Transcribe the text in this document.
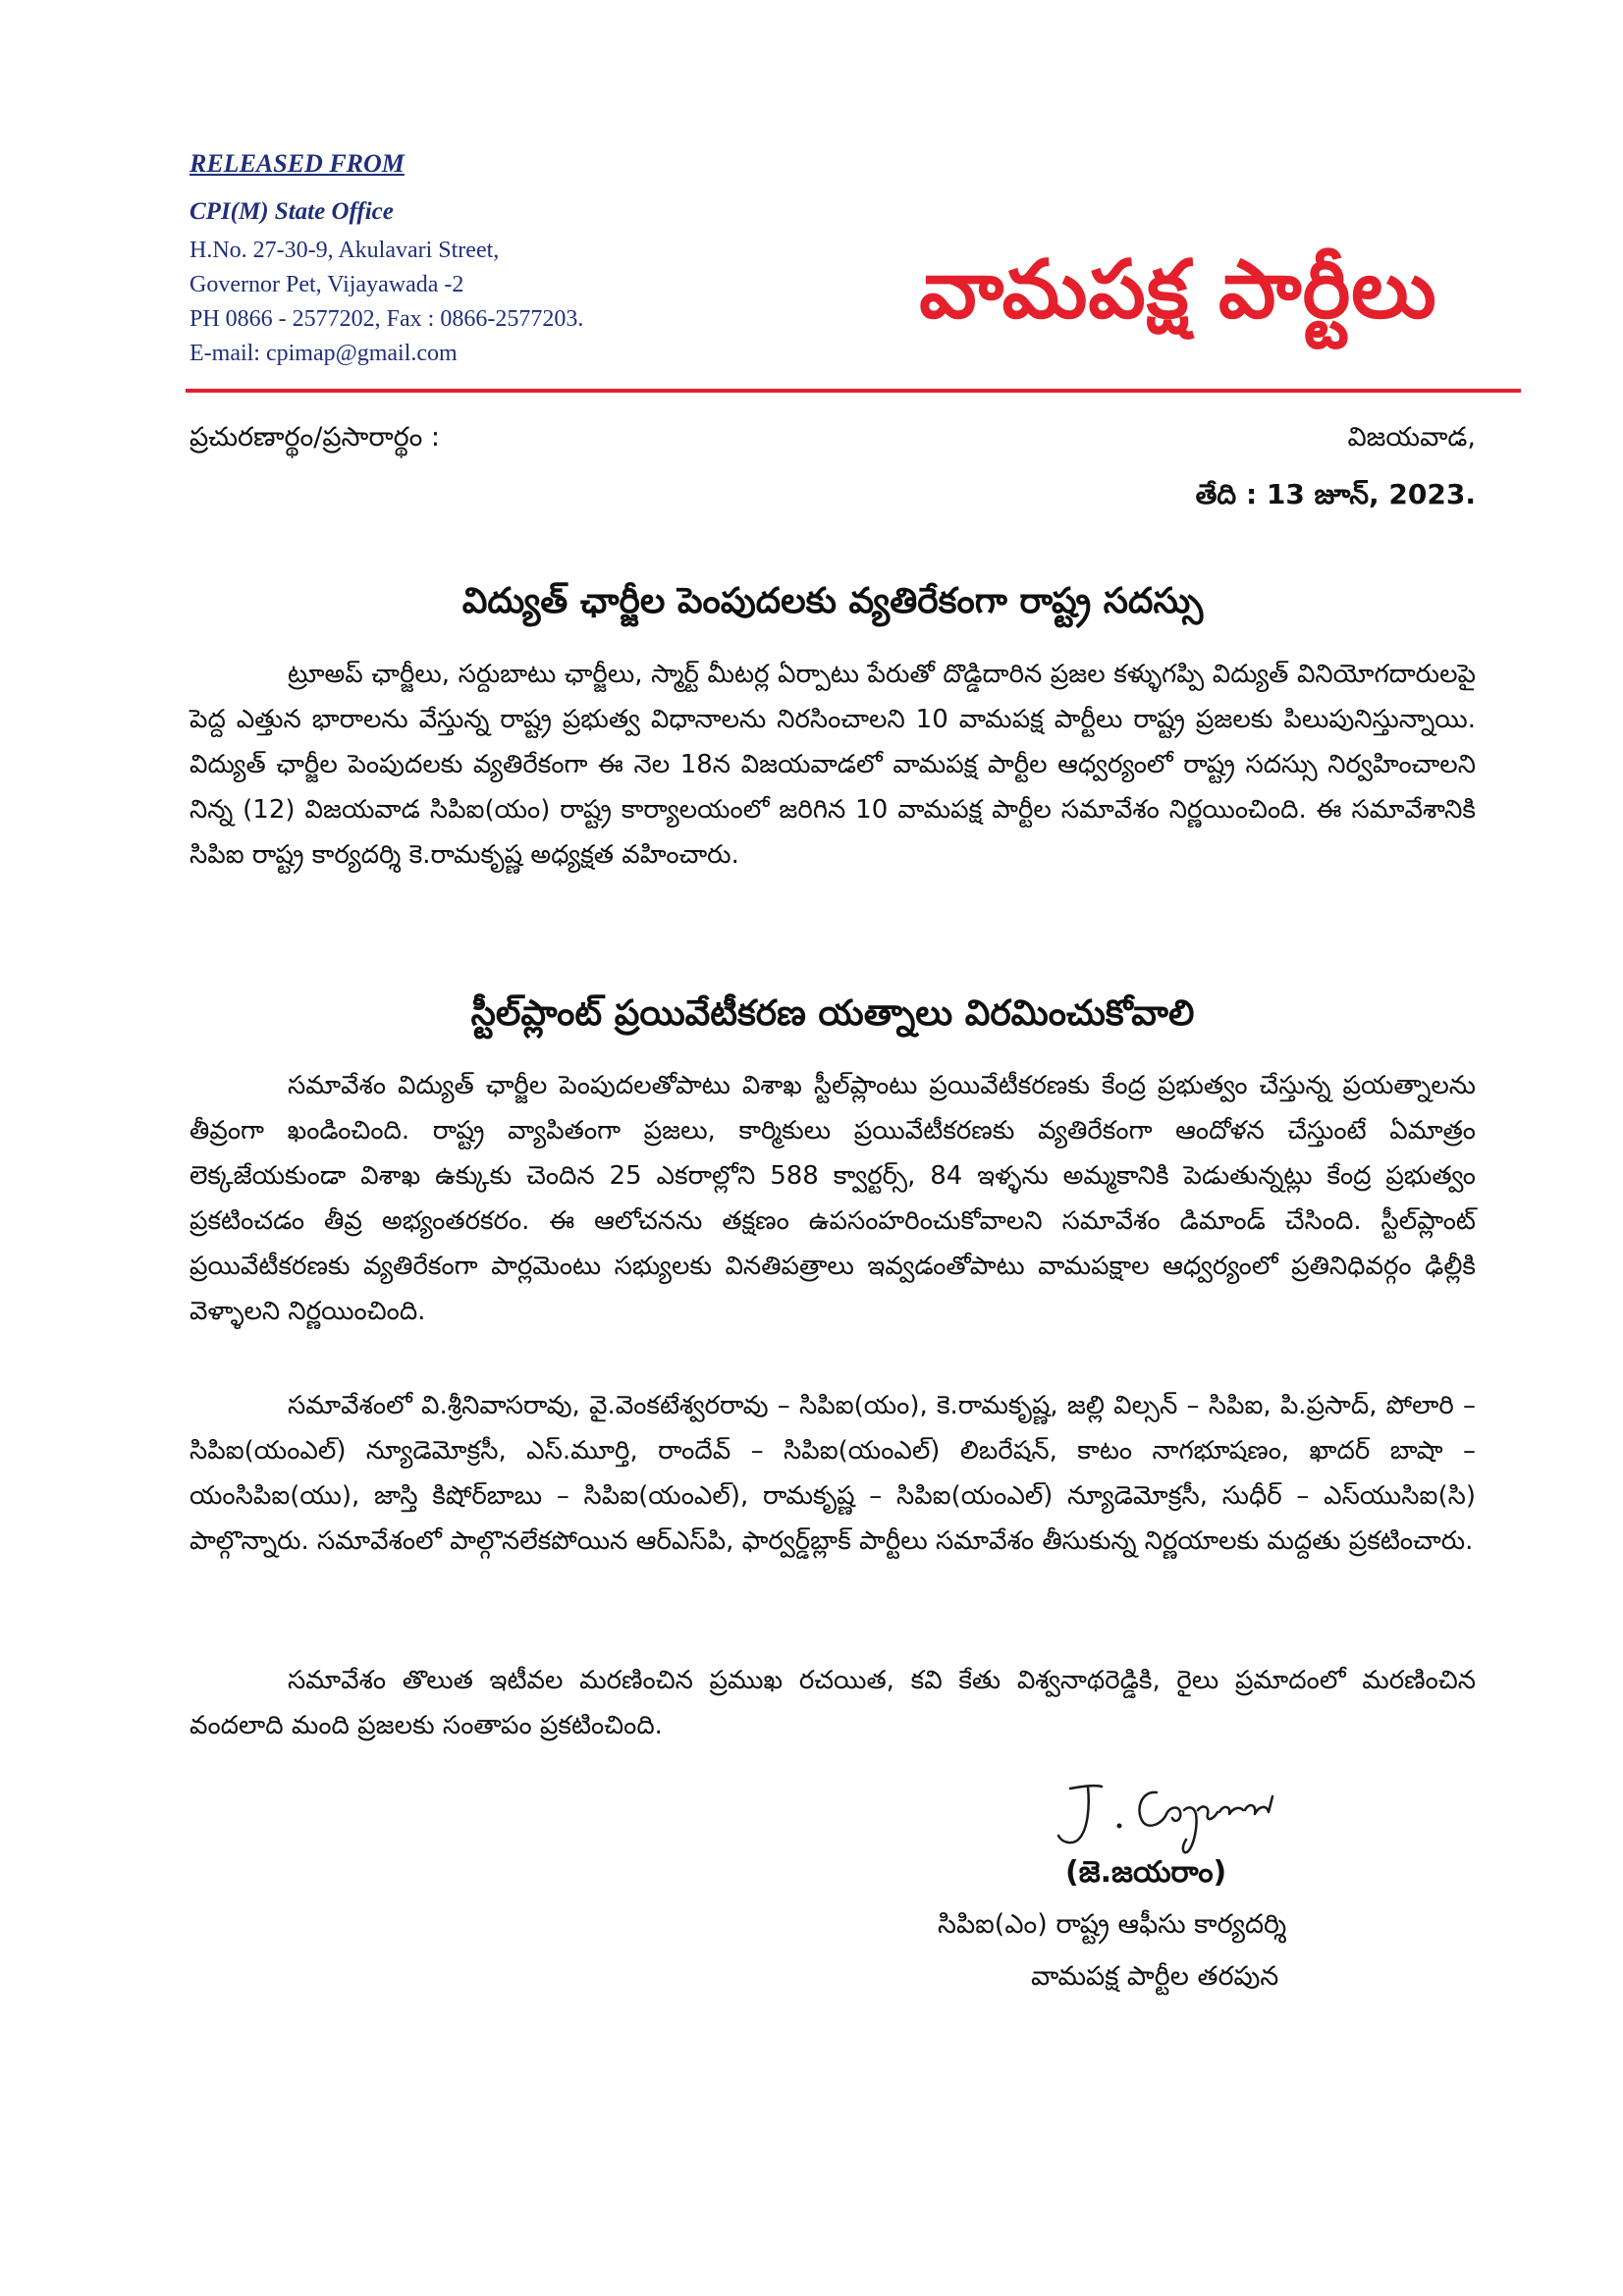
RELEASED FROM
CPI(M) State Office
H.No. 27-30-9, Akulavari Street,
Governor Pet, Vijayawada -2
PH 0866 - 2577202, Fax : 0866-2577203.
E-mail: cpimap@gmail.com
వామపక్ష పార్టీలు
ప్రచురణార్థం/ప్రసారార్థం :	విజయవాడ,
తేది : 13 జూన్, 2023.
విద్యుత్ ఛార్జీల పెంపుదలకు వ్యతిరేకంగా రాష్ట్ర సదస్సు
ట్రూఅప్ ఛార్జీలు, సర్దుబాటు ఛార్జీలు, స్మార్ట్ మీటర్ల ఏర్పాటు పేరుతో దొడ్డిదారిన ప్రజల కళ్ళుగప్పి విద్యుత్ వినియోగదారులపై పెద్ద ఎత్తున భారాలను వేస్తున్న రాష్ట్ర ప్రభుత్వ విధానాలను నిరసించాలని 10 వామపక్ష పార్టీలు రాష్ట్ర ప్రజలకు పిలుపునిస్తున్నాయి. విద్యుత్ ఛార్జీల పెంపుదలకు వ్యతిరేకంగా ఈ నెల 18న విజయవాడలో వామపక్ష పార్టీల ఆధ్వర్యంలో రాష్ట్ర సదస్సు నిర్వహించాలని నిన్న (12) విజయవాడ సిపిఐ(యం) రాష్ట్ర కార్యాలయంలో జరిగిన 10 వామపక్ష పార్టీల సమావేశం నిర్ణయించింది. ఈ సమావేశానికి సిపిఐ రాష్ట్ర కార్యదర్శి కె.రామకృష్ణ అధ్యక్షత వహించారు.
స్టీల్‌ప్లాంట్ ప్రయివేటీకరణ యత్నాలు విరమించుకోవాలి
సమావేశం విద్యుత్ ఛార్జీల పెంపుదలతోపాటు విశాఖ స్టీల్‌ప్లాంటు ప్రయివేటీకరణకు కేంద్ర ప్రభుత్వం చేస్తున్న ప్రయత్నాలను తీవ్రంగా ఖండించింది. రాష్ట్ర వ్యాపితంగా ప్రజలు, కార్మికులు ప్రయివేటీకరణకు వ్యతిరేకంగా ఆందోళన చేస్తుంటే ఏమాత్రం లెక్కజేయకుండా విశాఖ ఉక్కుకు చెందిన 25 ఎకరాల్లోని 588 క్వార్టర్స్, 84 ఇళ్ళను అమ్మకానికి పెడుతున్నట్లు కేంద్ర ప్రభుత్వం ప్రకటించడం తీవ్ర అభ్యంతరకరం. ఈ ఆలోచనను తక్షణం ఉపసంహరించుకోవాలని సమావేశం డిమాండ్ చేసింది. స్టీల్‌ప్లాంట్ ప్రయివేటీకరణకు వ్యతిరేకంగా పార్లమెంటు సభ్యులకు వినతిపత్రాలు ఇవ్వడంతోపాటు వామపక్షాల ఆధ్వర్యంలో ప్రతినిధివర్గం ఢిల్లీకి వెళ్ళాలని నిర్ణయించింది.
సమావేశంలో వి.శ్రీనివాసరావు, వై.వెంకటేశ్వరరావు – సిపిఐ(యం), కె.రామకృష్ణ, జల్లి విల్సన్ – సిపిఐ, పి.ప్రసాద్, పోలారి – సిపిఐ(యంఎల్) న్యూడెమోక్రసీ, ఎస్.మూర్తి, రాందేవ్ – సిపిఐ(యంఎల్) లిబరేషన్, కాటం నాగభూషణం, ఖాదర్ బాషా – యంసిపిఐ(యు), జాస్తి కిషోర్‌బాబు – సిపిఐ(యంఎల్), రామకృష్ణ – సిపిఐ(యంఎల్) న్యూడెమోక్రసీ, సుధీర్ – ఎస్‌యుసిఐ(సి) పాల్గొన్నారు. సమావేశంలో పాల్గొనలేకపోయిన ఆర్‌ఎస్‌పి, ఫార్వర్డ్‌బ్లాక్ పార్టీలు సమావేశం తీసుకున్న నిర్ణయాలకు మద్దతు ప్రకటించారు.
సమావేశం తొలుత ఇటీవల మరణించిన ప్రముఖ రచయిత, కవి కేతు విశ్వనాథరెడ్డికి, రైలు ప్రమాదంలో మరణించిన వందలాది మంది ప్రజలకు సంతాపం ప్రకటించింది.
(జె.జయరాం)
సిపిఐ(ఎం) రాష్ట్ర ఆఫీసు కార్యదర్శి
వామపక్ష పార్టీల తరపున
